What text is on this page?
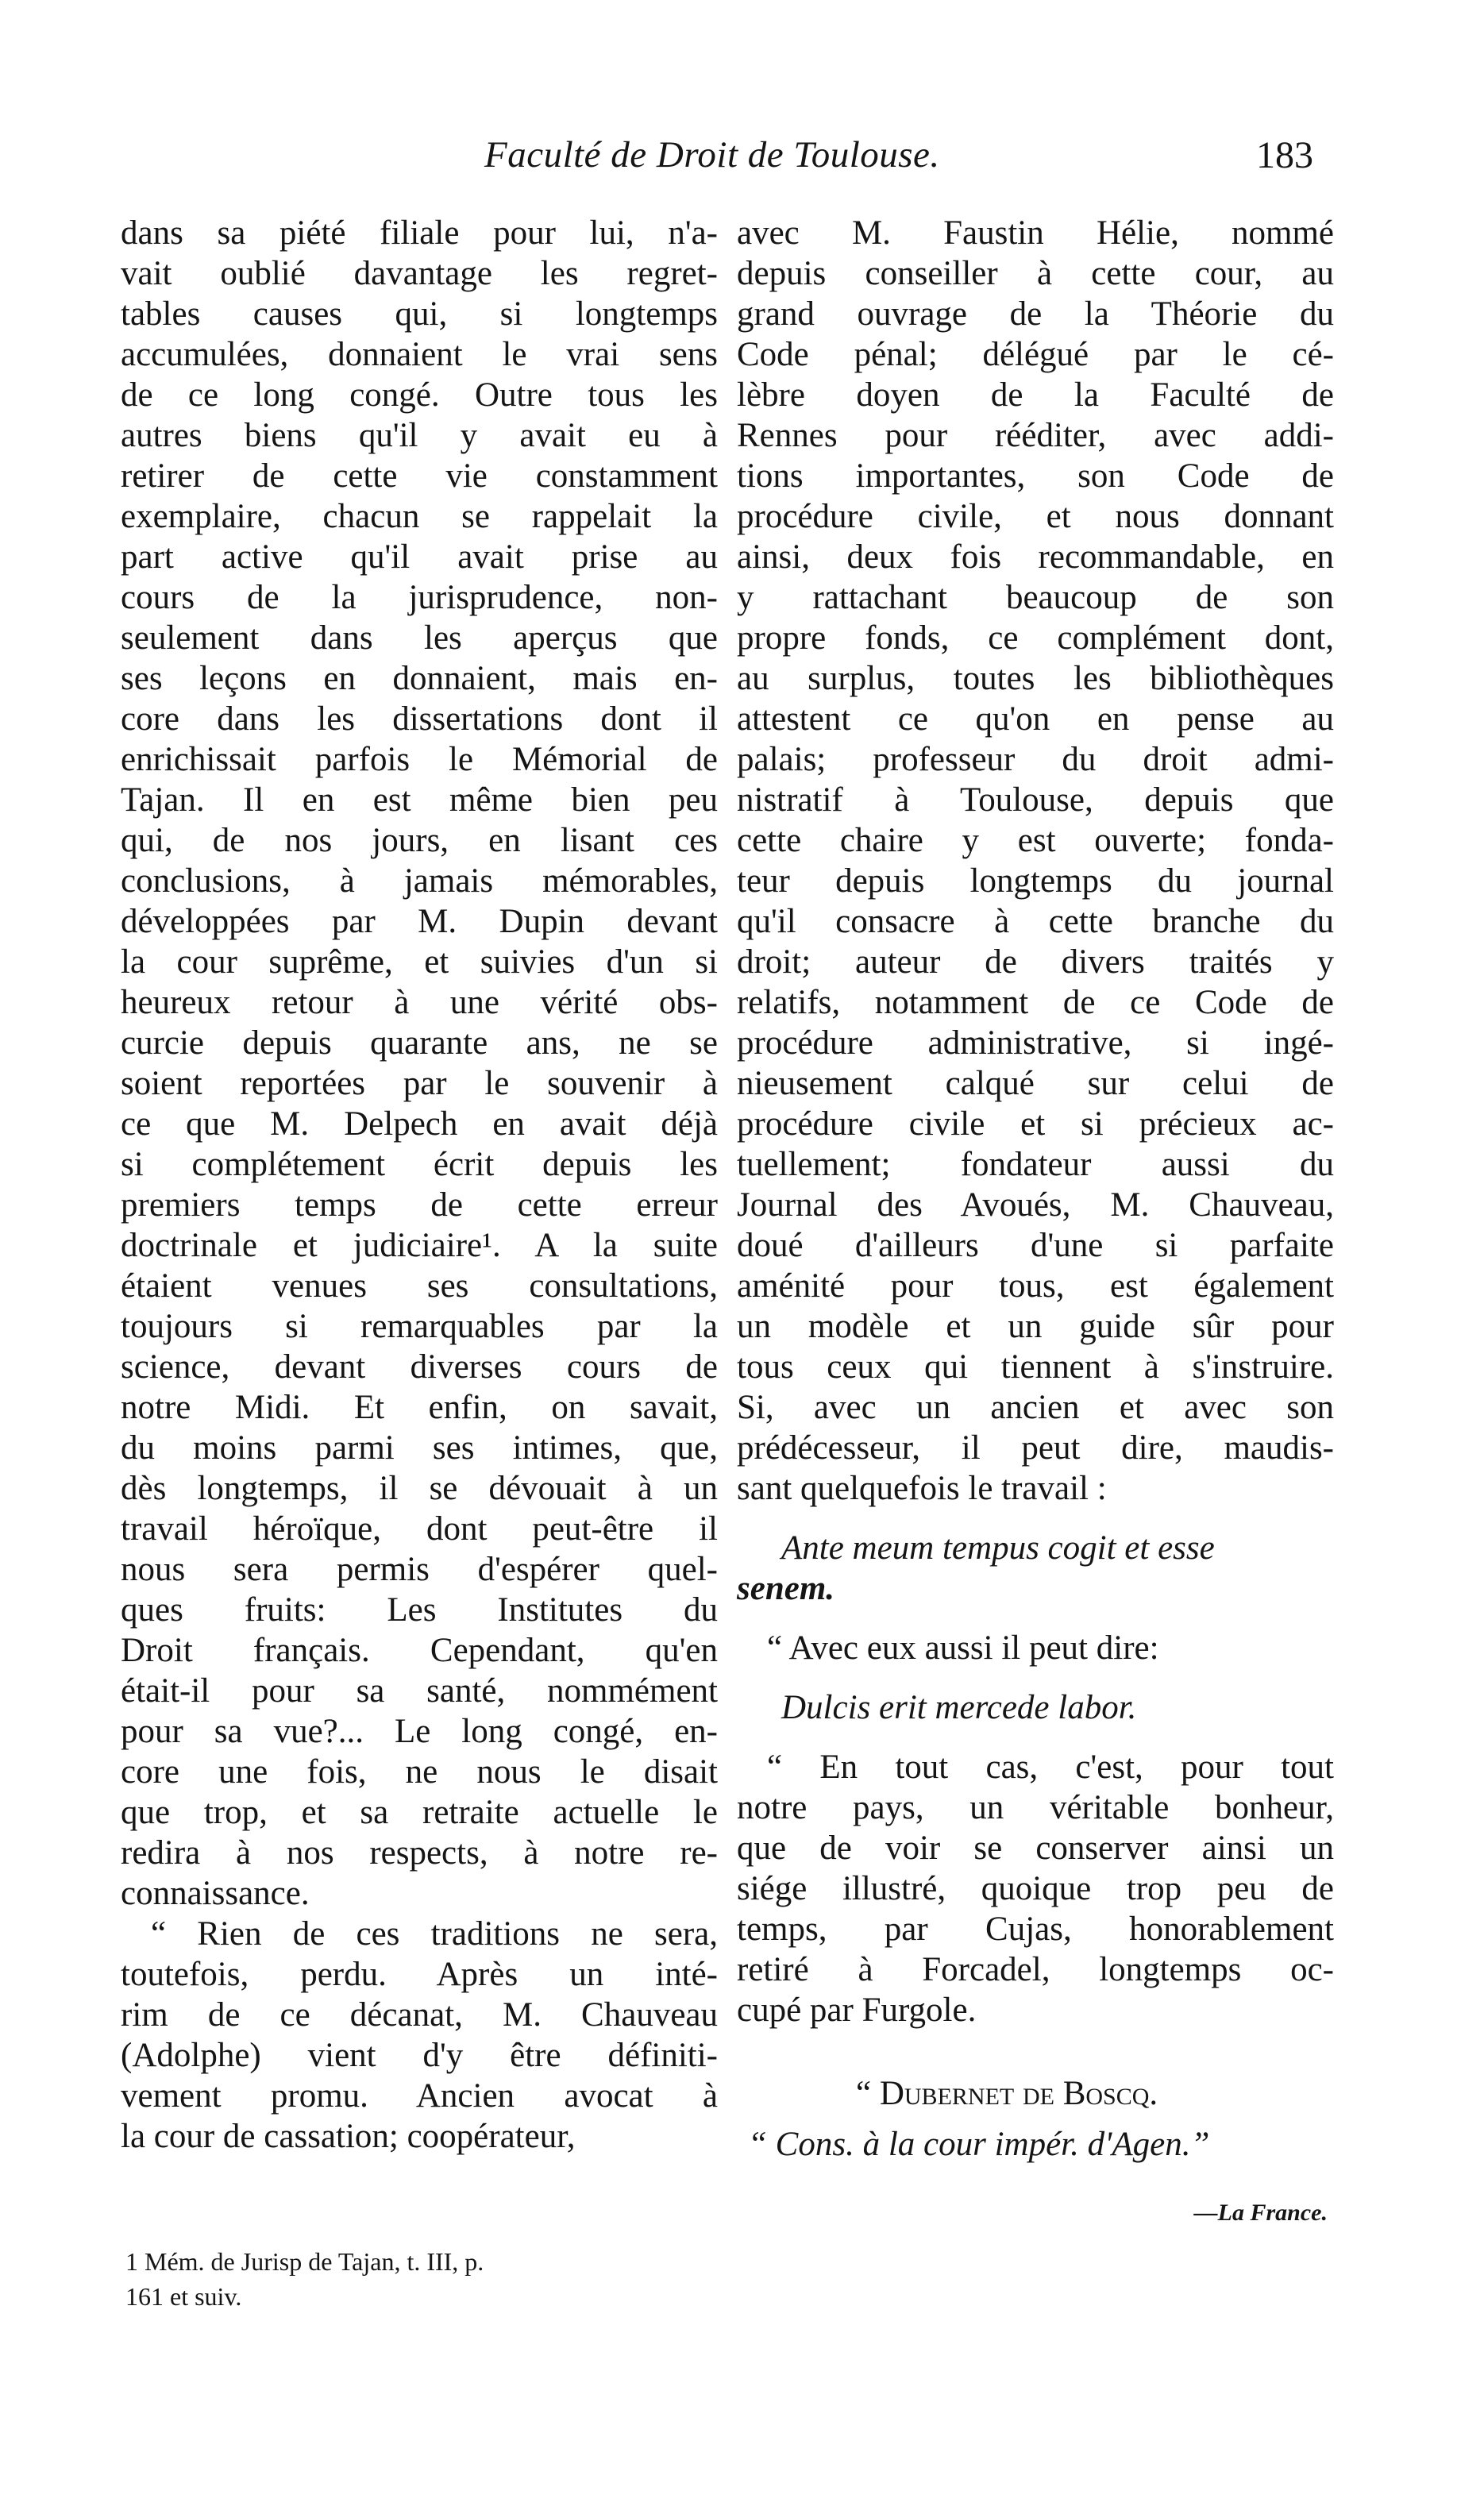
Faculté de Droit de Toulouse.	183
dans sa piété filiale pour lui, n'a-
vait oublié davantage les regret-
tables causes qui, si longtemps
accumulées, donnaient le vrai sens
de ce long congé. Outre tous les
autres biens qu'il y avait eu à
retirer de cette vie constamment
exemplaire, chacun se rappelait la
part active qu'il avait prise au
cours de la jurisprudence, non-
seulement dans les aperçus que
ses leçons en donnaient, mais en-
core dans les dissertations dont il
enrichissait parfois le Mémorial de
Tajan. Il en est même bien peu
qui, de nos jours, en lisant ces
conclusions, à jamais mémorables,
développées par M. Dupin devant
la cour suprême, et suivies d'un si
heureux retour à une vérité obs-
curcie depuis quarante ans, ne se
soient reportées par le souvenir à
ce que M. Delpech en avait déjà
si complétement écrit depuis les
premiers temps de cette erreur
doctrinale et judiciaire¹. A la suite
étaient venues ses consultations,
toujours si remarquables par la
science, devant diverses cours de
notre Midi. Et enfin, on savait,
du moins parmi ses intimes, que,
dès longtemps, il se dévouait à un
travail héroïque, dont peut-être il
nous sera permis d'espérer quel-
ques fruits: Les Institutes du
Droit français. Cependant, qu'en
était-il pour sa santé, nommément
pour sa vue?... Le long congé, en-
core une fois, ne nous le disait
que trop, et sa retraite actuelle le
redira à nos respects, à notre re-
connaissance.
“ Rien de ces traditions ne sera,
toutefois, perdu. Après un inté-
rim de ce décanat, M. Chauveau
(Adolphe) vient d'y être définiti-
vement promu. Ancien avocat à
la cour de cassation; coopérateur,
avec M. Faustin Hélie, nommé
depuis conseiller à cette cour, au
grand ouvrage de la Théorie du
Code pénal; délégué par le cé-
lèbre doyen de la Faculté de
Rennes pour rééditer, avec addi-
tions importantes, son Code de
procédure civile, et nous donnant
ainsi, deux fois recommandable, en
y rattachant beaucoup de son
propre fonds, ce complément dont,
au surplus, toutes les bibliothèques
attestent ce qu'on en pense au
palais; professeur du droit admi-
nistratif à Toulouse, depuis que
cette chaire y est ouverte; fonda-
teur depuis longtemps du journal
qu'il consacre à cette branche du
droit; auteur de divers traités y
relatifs, notamment de ce Code de
procédure administrative, si ingé-
nieusement calqué sur celui de
procédure civile et si précieux ac-
tuellement; fondateur aussi du
Journal des Avoués, M. Chauveau,
doué d'ailleurs d'une si parfaite
aménité pour tous, est également
un modèle et un guide sûr pour
tous ceux qui tiennent à s'instruire.
Si, avec un ancien et avec son
prédécesseur, il peut dire, maudis-
sant quelquefois le travail :
Ante meum tempus cogit et esse
senem.
“ Avec eux aussi il peut dire:
Dulcis erit mercede labor.
“ En tout cas, c'est, pour tout
notre pays, un véritable bonheur,
que de voir se conserver ainsi un
siége illustré, quoique trop peu de
temps, par Cujas, honorablement
retiré à Forcadel, longtemps oc-
cupé par Furgole.
“ Dubernet de Boscq.
“ Cons. à la cour impér. d'Agen.”
—La France.
1 Mém. de Jurisp de Tajan, t. III, p.
161 et suiv.
